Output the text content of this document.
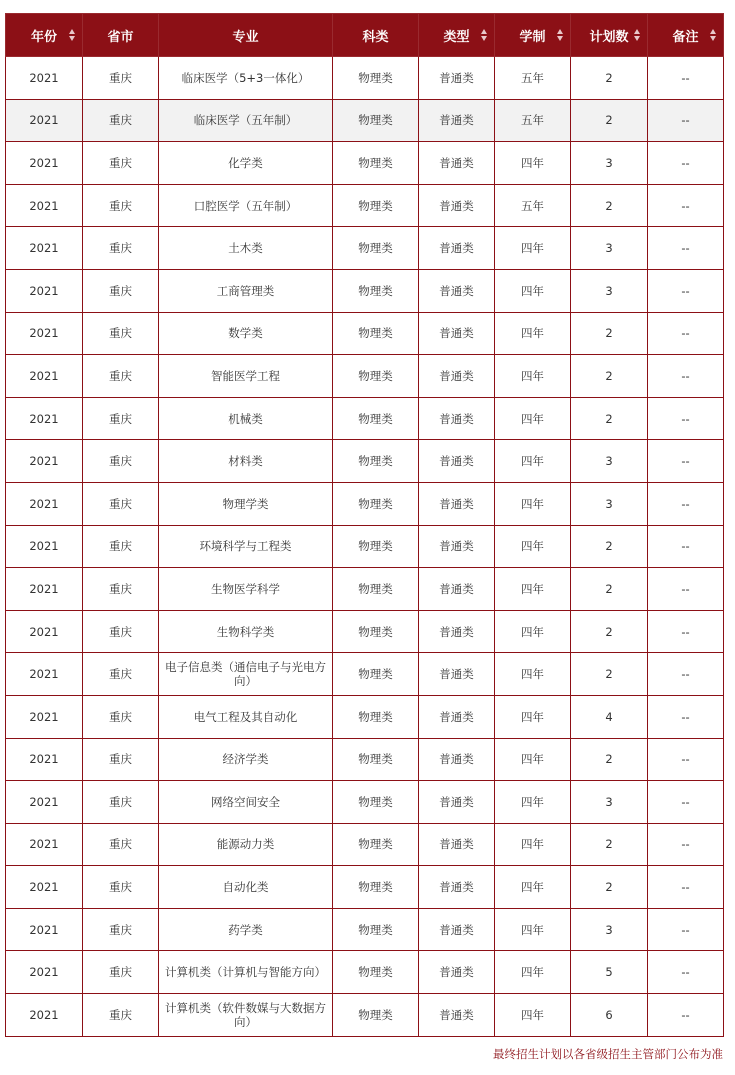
年份	省市	专业	科类	类型	学制	计划数	备注

2021	重庆	临床医学（5+3一体化）	物理类	普通类	五年	2	--
2021	重庆	临床医学（五年制）	物理类	普通类	五年	2	--
2021	重庆	化学类	物理类	普通类	四年	3	--
2021	重庆	口腔医学（五年制）	物理类	普通类	五年	2	--
2021	重庆	土木类	物理类	普通类	四年	3	--
2021	重庆	工商管理类	物理类	普通类	四年	3	--
2021	重庆	数学类	物理类	普通类	四年	2	--
2021	重庆	智能医学工程	物理类	普通类	四年	2	--
2021	重庆	机械类	物理类	普通类	四年	2	--
2021	重庆	材料类	物理类	普通类	四年	3	--
2021	重庆	物理学类	物理类	普通类	四年	3	--
2021	重庆	环境科学与工程类	物理类	普通类	四年	2	--
2021	重庆	生物医学科学	物理类	普通类	四年	2	--
2021	重庆	生物科学类	物理类	普通类	四年	2	--
2021	重庆	电子信息类（通信电子与光电方向）	物理类	普通类	四年	2	--
2021	重庆	电气工程及其自动化	物理类	普通类	四年	4	--
2021	重庆	经济学类	物理类	普通类	四年	2	--
2021	重庆	网络空间安全	物理类	普通类	四年	3	--
2021	重庆	能源动力类	物理类	普通类	四年	2	--
2021	重庆	自动化类	物理类	普通类	四年	2	--
2021	重庆	药学类	物理类	普通类	四年	3	--
2021	重庆	计算机类（计算机与智能方向）	物理类	普通类	四年	5	--
2021	重庆	计算机类（软件数媒与大数据方向）	物理类	普通类	四年	6	--
最终招生计划以各省级招生主管部门公布为准
